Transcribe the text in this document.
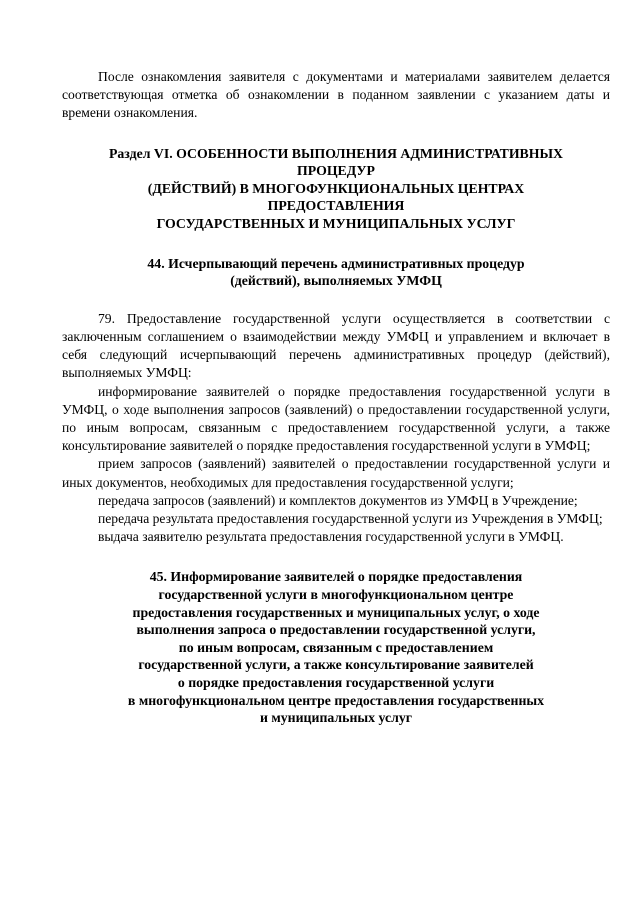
После ознакомления заявителя с документами и материалами заявителем делается соответствующая отметка об ознакомлении в поданном заявлении с указанием даты и времени ознакомления.

Раздел VI. ОСОБЕННОСТИ ВЫПОЛНЕНИЯ АДМИНИСТРАТИВНЫХ
ПРОЦЕДУР
(ДЕЙСТВИЙ) В МНОГОФУНКЦИОНАЛЬНЫХ ЦЕНТРАХ
ПРЕДОСТАВЛЕНИЯ
ГОСУДАРСТВЕННЫХ И МУНИЦИПАЛЬНЫХ УСЛУГ
44. Исчерпывающий перечень административных процедур
(действий), выполняемых УМФЦ

79. Предоставление государственной услуги осуществляется в соответствии с заключенным соглашением о взаимодействии между УМФЦ и управлением и включает в себя следующий исчерпывающий перечень административных процедур (действий), выполняемых УМФЦ:

информирование заявителей о порядке предоставления государственной услуги в УМФЦ, о ходе выполнения запросов (заявлений) о предоставлении государственной услуги, по иным вопросам, связанным с предоставлением государственной услуги, а также консультирование заявителей о порядке предоставления государственной услуги в УМФЦ;
прием запросов (заявлений) заявителей о предоставлении государственной услуги и иных документов, необходимых для предоставления государственной услуги;
передача запросов (заявлений) и комплектов документов из УМФЦ в Учреждение;
передача результата предоставления государственной услуги из Учреждения в УМФЦ;
выдача заявителю результата предоставления государственной услуги в УМФЦ.
45. Информирование заявителей о порядке предоставления
государственной услуги в многофункциональном центре
предоставления государственных и муниципальных услуг, о ходе
выполнения запроса о предоставлении государственной услуги,
по иным вопросам, связанным с предоставлением
государственной услуги, а также консультирование заявителей
о порядке предоставления государственной услуги
в многофункциональном центре предоставления государственных
и муниципальных услуг
